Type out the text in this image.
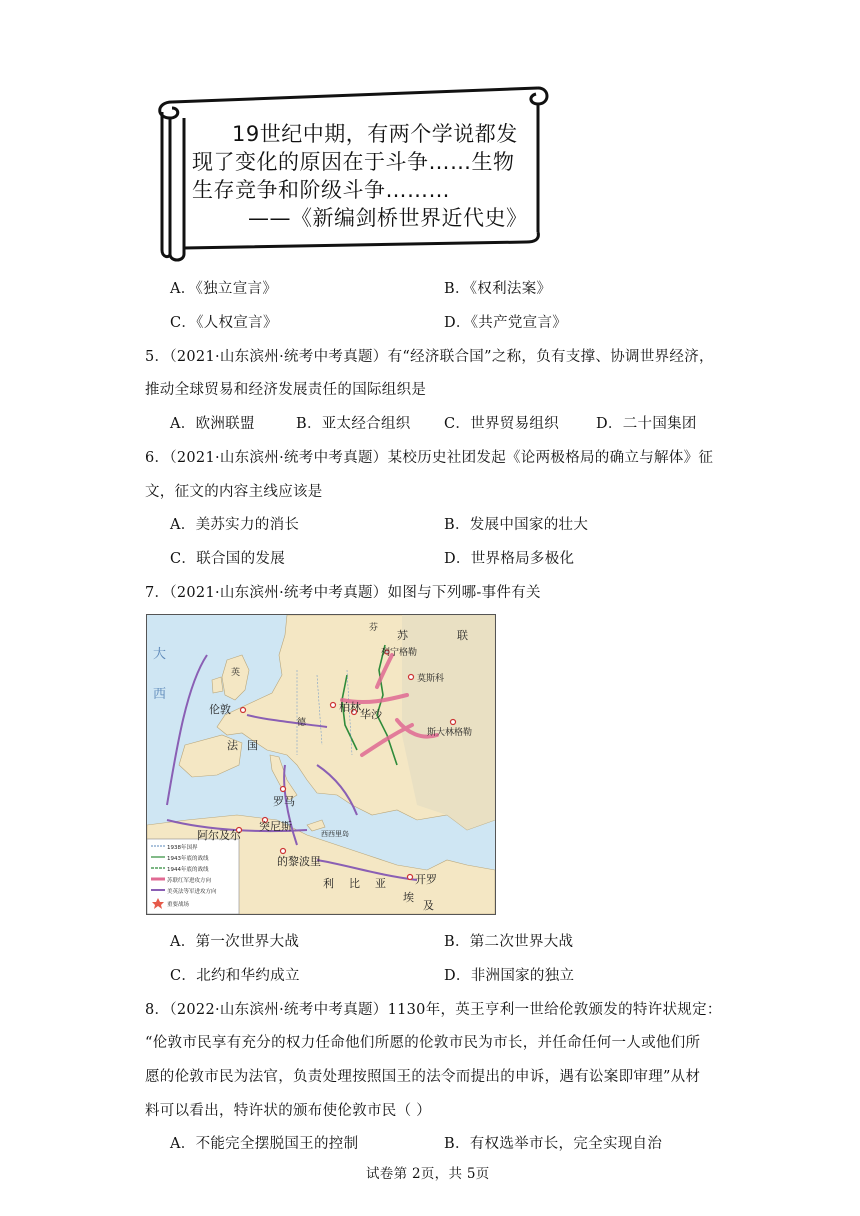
19世纪中期，有两个学说都发
现了变化的原因在于斗争……生物
生存竞争和阶级斗争………
——《新编剑桥世界近代史》
A．《独立宣言》	B．《权利法案》
C．《人权宣言》	D．《共产党宣言》
5．（2021·山东滨州·统考中考真题）有“经济联合国”之称，负有支撑、协调世界经济，
推动全球贸易和经济发展责任的国际组织是
A．欧洲联盟	B．亚太经合组织 C．世界贸易组织	D．二十国集团
6．（2021·山东滨州·统考中考真题）某校历史社团发起《论两极格局的确立与解体》征
文，征文的内容主线应该是
A．美苏实力的消长	B．发展中国家的壮大
C．联合国的发展	D．世界格局多极化
7．（2021·山东滨州·统考中考真题）如图与下列哪-事件有关
芬
苏	联
列宁格勒
莫斯科
大
西
英
伦敦	柏林
华沙
德
法 国
斯大林格勒
罗马
突尼斯
阿尔及尔	西西里岛
的黎波里
利 比 亚	开罗
埃
及
1938年国界
1943年底的战线
1944年底的战线
苏联红军进攻方向
美英法等军进攻方向
重要战场
A．第一次世界大战	B．第二次世界大战
C．北约和华约成立	D．非洲国家的独立
8．（2022·山东滨州·统考中考真题）1130年，英王亨利一世给伦敦颁发的特许状规定：
“伦敦市民享有充分的权力任命他们所愿的伦敦市民为市长，并任命任何一人或他们所
愿的伦敦市民为法官，负责处理按照国王的法令而提出的申诉，遇有讼案即审理”从材
料可以看出，特许状的颁布使伦敦市民（ ）
A．不能完全摆脱国王的控制	B．有权选举市长，完全实现自治
试卷第 2页，共 5页
